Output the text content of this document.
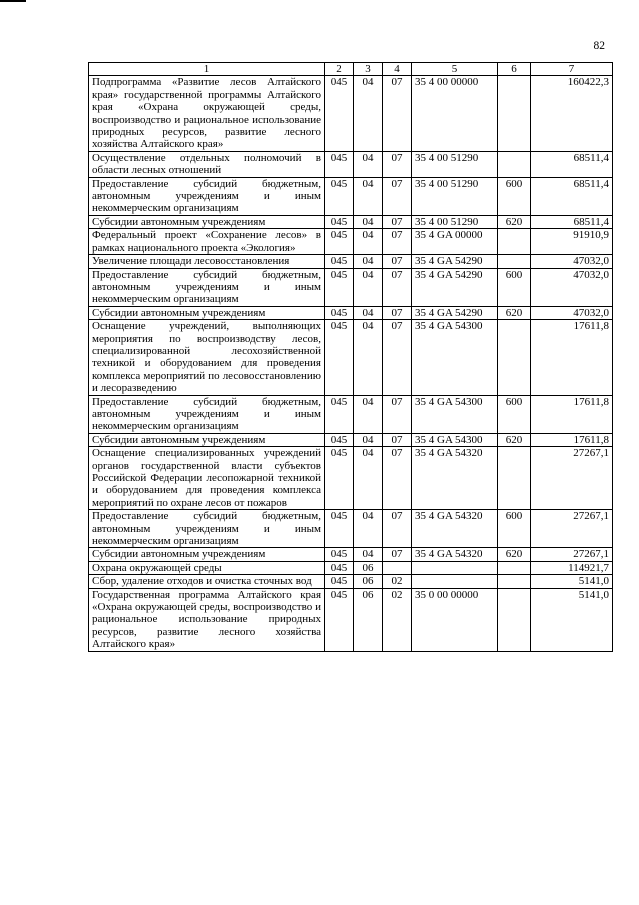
82
1	2	3	4	5	6	7
Подпрограмма «Развитие лесов Алтайского края» государственной программы Алтайского края «Охрана окружающей среды, воспроизводство и рациональное использование природных ресурсов, развитие лесного хозяйства Алтайского края»	045	04	07	35 4 00 00000		160422,3
Осуществление отдельных полномочий в области лесных отношений	045	04	07	35 4 00 51290		68511,4
Предоставление субсидий бюджетным, автономным учреждениям и иным некоммерческим организациям	045	04	07	35 4 00 51290	600	68511,4
Субсидии автономным учреждениям	045	04	07	35 4 00 51290	620	68511,4
Федеральный проект «Сохранение лесов» в рамках национального проекта «Экология»	045	04	07	35 4 GA 00000		91910,9
Увеличение площади лесовосстановления	045	04	07	35 4 GA 54290		47032,0
Предоставление субсидий бюджетным, автономным учреждениям и иным некоммерческим организациям	045	04	07	35 4 GA 54290	600	47032,0
Субсидии автономным учреждениям	045	04	07	35 4 GA 54290	620	47032,0
Оснащение учреждений, выполняющих мероприятия по воспроизводству лесов, специализированной лесохозяйственной техникой и оборудованием для проведения комплекса мероприятий по лесовосстановлению и лесоразведению	045	04	07	35 4 GA 54300		17611,8
Предоставление субсидий бюджетным, автономным учреждениям и иным некоммерческим организациям	045	04	07	35 4 GA 54300	600	17611,8
Субсидии автономным учреждениям	045	04	07	35 4 GA 54300	620	17611,8
Оснащение специализированных учреждений органов государственной власти субъектов Российской Федерации лесопожарной техникой и оборудованием для проведения комплекса мероприятий по охране лесов от пожаров	045	04	07	35 4 GA 54320		27267,1
Предоставление субсидий бюджетным, автономным учреждениям и иным некоммерческим организациям	045	04	07	35 4 GA 54320	600	27267,1
Субсидии автономным учреждениям	045	04	07	35 4 GA 54320	620	27267,1
Охрана окружающей среды	045	06				114921,7
Сбор, удаление отходов и очистка сточных вод	045	06	02			5141,0
Государственная программа Алтайского края «Охрана окружающей среды, воспроизводство и рациональное использование природных ресурсов, развитие лесного хозяйства Алтайского края»	045	06	02	35 0 00 00000		5141,0
